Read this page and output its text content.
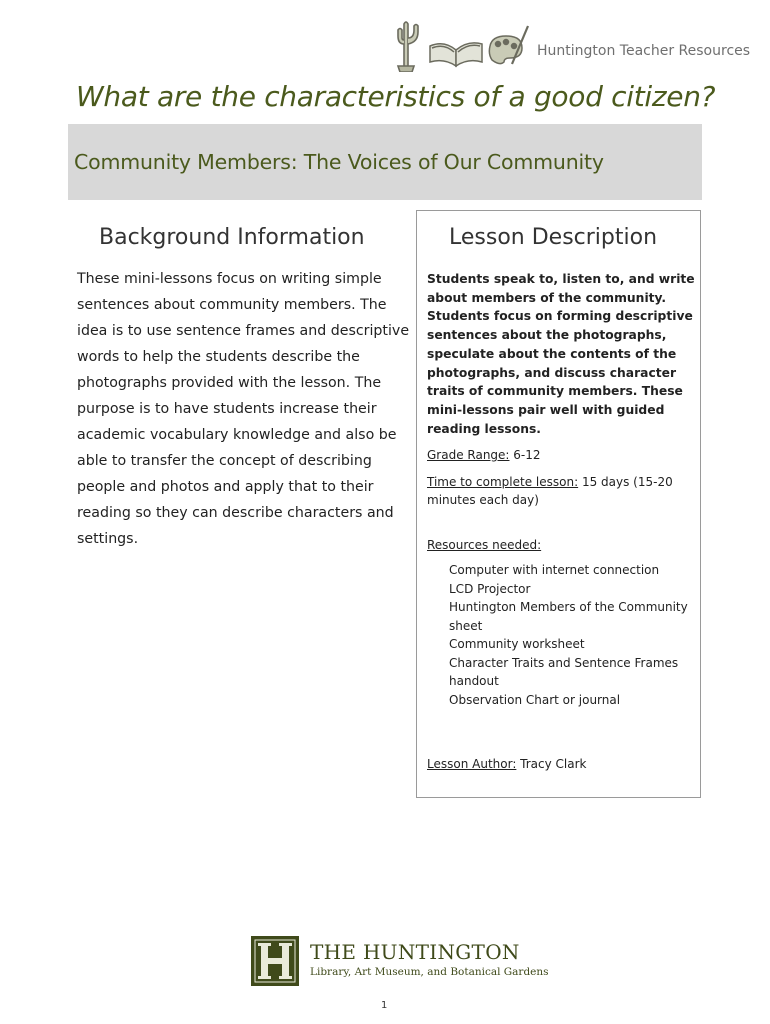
Huntington Teacher Resources
What are the characteristics of a good citizen?
Community Members: The Voices of Our Community
Background Information
These mini-lessons focus on writing simple sentences about community members. The idea is to use sentence frames and descriptive words to help the students describe the photographs provided with the lesson. The purpose is to have students increase their academic vocabulary knowledge and also be able to transfer the concept of describing people and photos and apply that to their reading so they can describe characters and settings.
Lesson Description
Students speak to, listen to, and write about members of the community. Students focus on forming descriptive sentences about the photographs, speculate about the contents of the photographs, and discuss character traits of community members. These mini-lessons pair well with guided reading lessons.
Grade Range: 6-12
Time to complete lesson: 15 days (15-20 minutes each day)
Resources needed:
Computer with internet connection
LCD Projector
Huntington Members of the Community sheet
Community worksheet
Character Traits and Sentence Frames handout
Observation Chart or journal
Lesson Author: Tracy Clark
THE HUNTINGTON
Library, Art Museum, and Botanical Gardens
1
